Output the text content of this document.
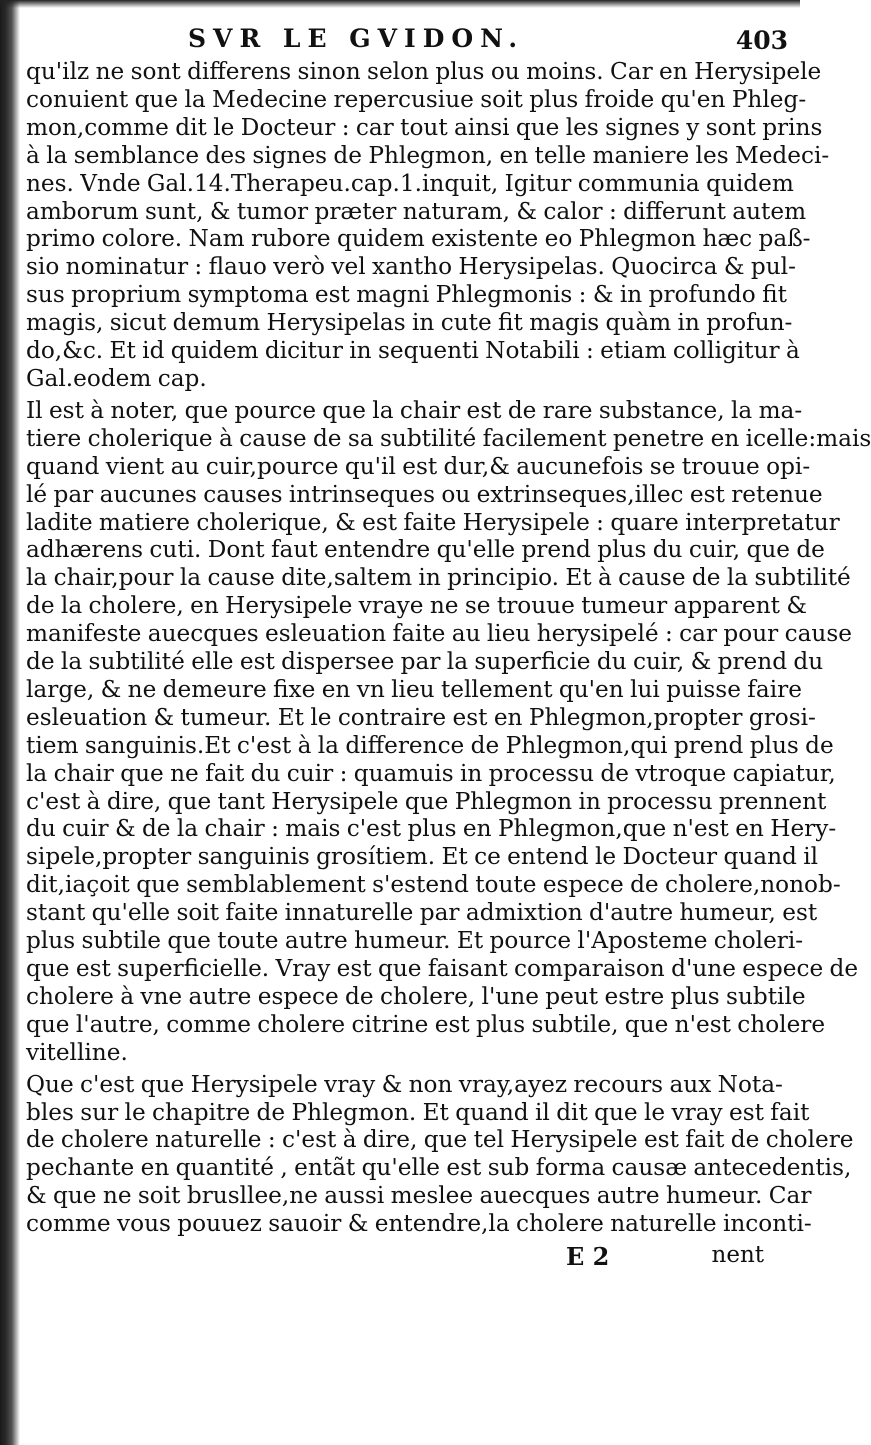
SVR LE GVIDON.	403
qu'ilz ne sont differens sinon selon plus ou moins. Car en Herysipele
conuient que la Medecine repercusiue soit plus froide qu'en Phleg-
mon,comme dit le Docteur : car tout ainsi que les signes y sont prins
à la semblance des signes de Phlegmon, en telle maniere les Medeci-
nes. Vnde Gal.14.Therapeu.cap.1.inquit, Igitur communia quidem
amborum sunt, & tumor præter naturam, & calor : differunt autem
primo colore. Nam rubore quidem existente eo Phlegmon hæc paß-
sio nominatur : flauo verò vel xantho Herysipelas. Quocirca & pul-
sus proprium symptoma est magni Phlegmonis : & in profundo fit
magis, sicut demum Herysipelas in cute fit magis quàm in profun-
do,&c. Et id quidem dicitur in sequenti Notabili : etiam colligitur à
Gal.eodem cap.
Il est à noter, que pource que la chair est de rare substance, la ma-
tiere cholerique à cause de sa subtilité facilement penetre en icelle:mais
quand vient au cuir,pource qu'il est dur,& aucunefois se trouue opi-
lé par aucunes causes intrinseques ou extrinseques,illec est retenue
ladite matiere cholerique, & est faite Herysipele : quare interpretatur
adhærens cuti. Dont faut entendre qu'elle prend plus du cuir, que de
la chair,pour la cause dite,saltem in principio. Et à cause de la subtilité
de la cholere, en Herysipele vraye ne se trouue tumeur apparent &
manifeste auecques esleuation faite au lieu herysipelé : car pour cause
de la subtilité elle est dispersee par la superficie du cuir, & prend du
large, & ne demeure fixe en vn lieu tellement qu'en lui puisse faire
esleuation & tumeur. Et le contraire est en Phlegmon,propter grosi-
tiem sanguinis.Et c'est à la difference de Phlegmon,qui prend plus de
la chair que ne fait du cuir : quamuis in processu de vtroque capiatur,
c'est à dire, que tant Herysipele que Phlegmon in processu prennent
du cuir & de la chair : mais c'est plus en Phlegmon,que n'est en Hery-
sipele,propter sanguinis grosítiem. Et ce entend le Docteur quand il
dit,iaçoit que semblablement s'estend toute espece de cholere,nonob-
stant qu'elle soit faite innaturelle par admixtion d'autre humeur, est
plus subtile que toute autre humeur. Et pource l'Aposteme choleri-
que est superficielle. Vray est que faisant comparaison d'une espece de
cholere à vne autre espece de cholere, l'une peut estre plus subtile
que l'autre, comme cholere citrine est plus subtile, que n'est cholere
vitelline.
Que c'est que Herysipele vray & non vray,ayez recours aux Nota-
bles sur le chapitre de Phlegmon. Et quand il dit que le vray est fait
de cholere naturelle : c'est à dire, que tel Herysipele est fait de cholere
pechante en quantité , entãt qu'elle est sub forma causæ antecedentis,
& que ne soit brusllee,ne aussi meslee auecques autre humeur. Car
comme vous pouuez sauoir & entendre,la cholere naturelle inconti-
E 2	nent
